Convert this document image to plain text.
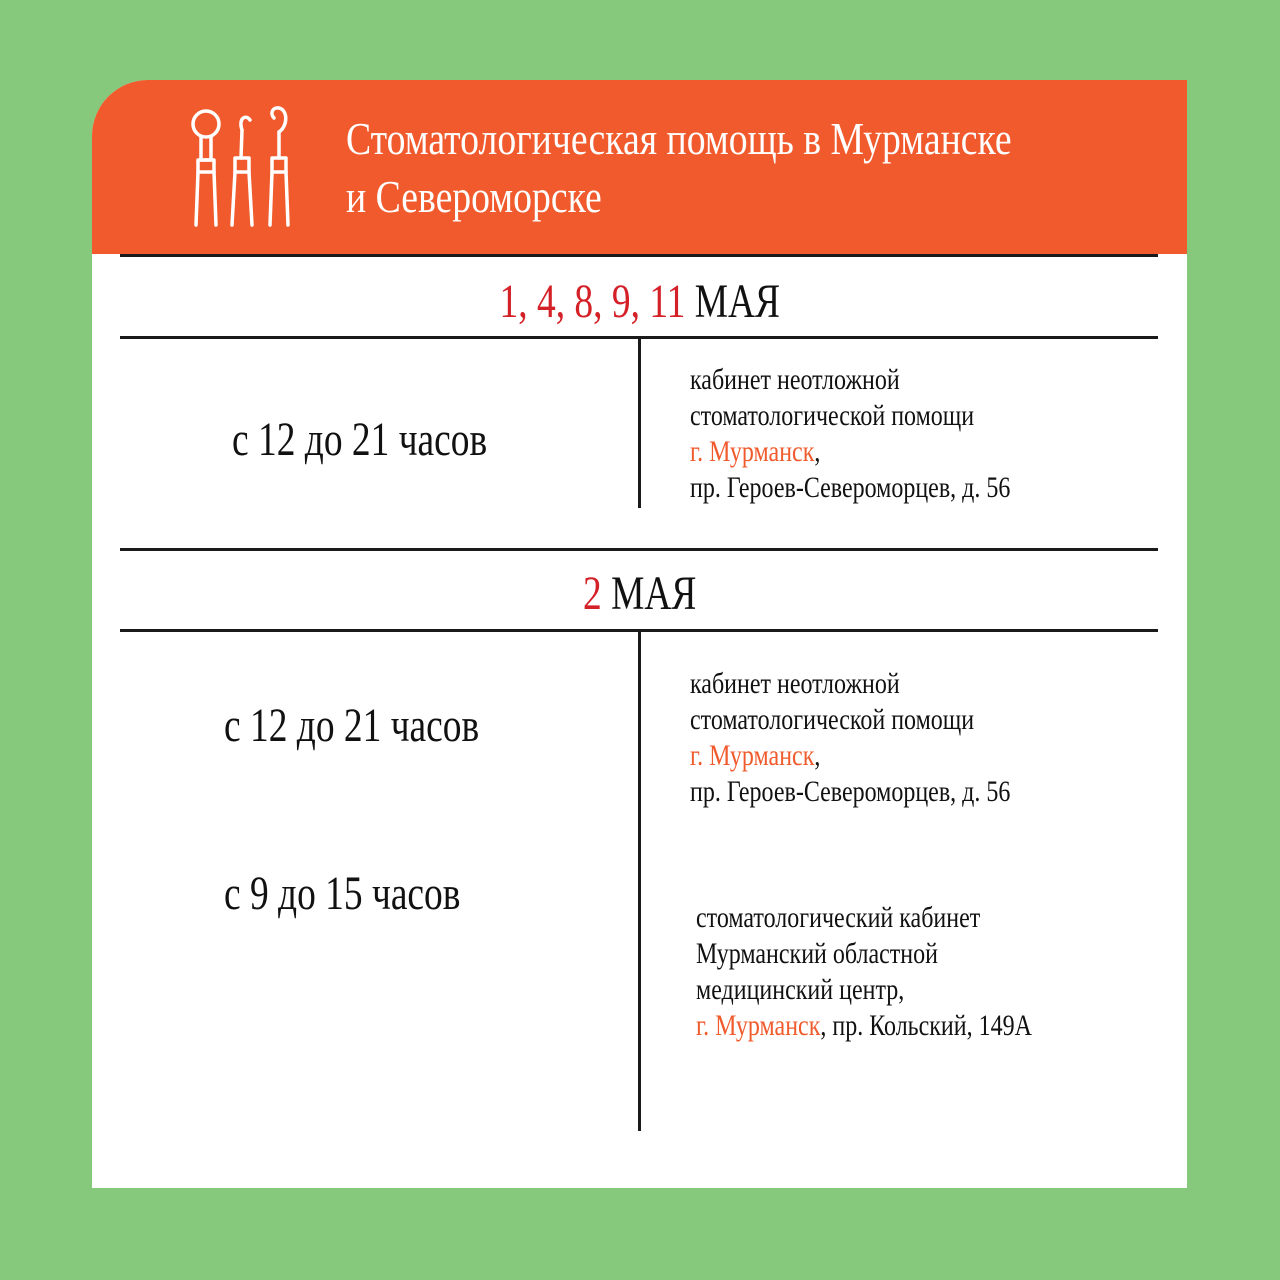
Стоматологическая помощь в Мурманске
и Североморске
1, 4, 8, 9, 11 МАЯ
с 12 до 21 часов
кабинет неотложной
стоматологической помощи
г. Мурманск,
пр. Героев-Североморцев, д. 56
2 МАЯ
с 12 до 21 часов
кабинет неотложной
стоматологической помощи
г. Мурманск,
пр. Героев-Североморцев, д. 56
с 9 до 15 часов	стоматологический кабинет
Мурманский областной
медицинский центр,
г. Мурманск, пр. Кольский, 149А
